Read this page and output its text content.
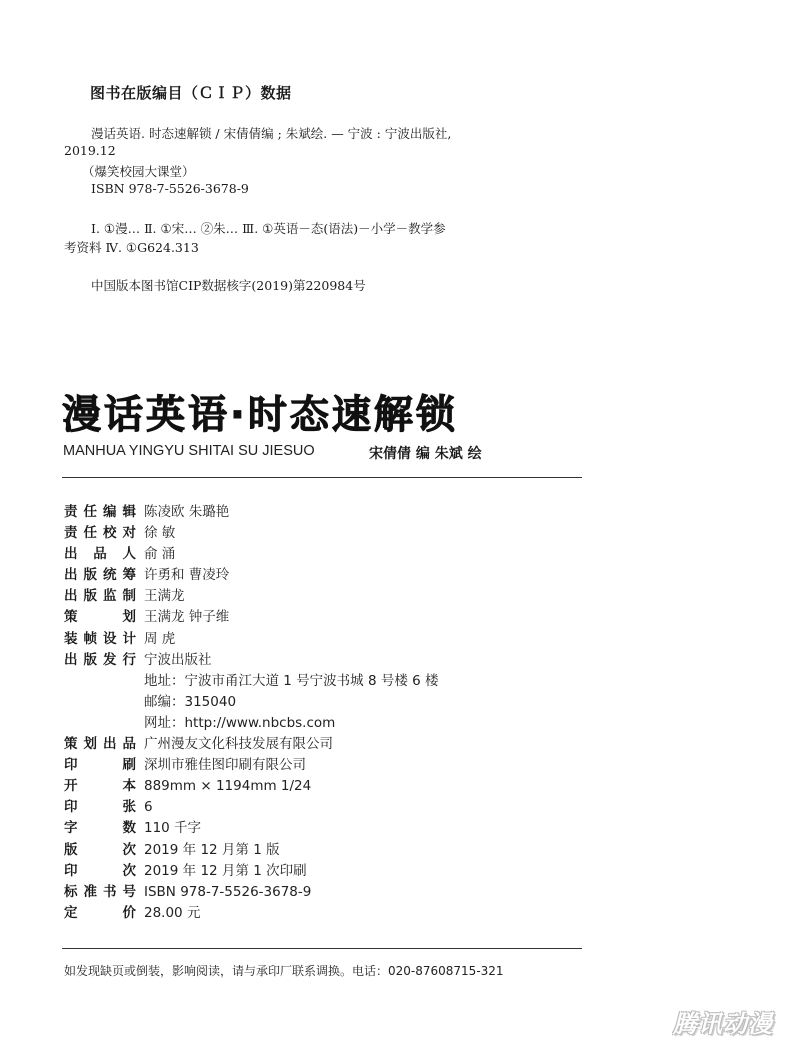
图书在版编目（ＣＩＰ）数据
漫话英语. 时态速解锁 / 宋倩倩编 ; 朱斌绘. — 宁波 : 宁波出版社,
2019.12
（爆笑校园大课堂）
ISBN 978-7-5526-3678-9
Ⅰ. ①漫… Ⅱ. ①宋… ②朱… Ⅲ. ①英语－态(语法)－小学－教学参
考资料 Ⅳ. ①G624.313
中国版本图书馆CIP数据核字(2019)第220984号
漫话英语·时态速解锁
MANHUA YINGYU SHITAI SU JIESUO	宋倩倩 编 朱斌 绘
责任编辑 陈凌欧 朱璐艳
责任校对 徐 敏
出品人 俞 涌
出版统筹 许勇和 曹凌玲
出版监制 王满龙
策划 王满龙 钟子维
装帧设计 周 虎
出版发行 宁波出版社
地址：宁波市甬江大道 1 号宁波书城 8 号楼 6 楼
邮编：315040
网址：http://www.nbcbs.com
策划出品 广州漫友文化科技发展有限公司
印刷 深圳市雅佳图印刷有限公司
开本 889mm × 1194mm 1/24
印张 6
字数 110 千字
版次 2019 年 12 月第 1 版
印次 2019 年 12 月第 1 次印刷
标准书号 ISBN 978-7-5526-3678-9
定价 28.00 元
如发现缺页或倒装，影响阅读，请与承印厂联系调换。电话：020-87608715-321
腾讯动漫
